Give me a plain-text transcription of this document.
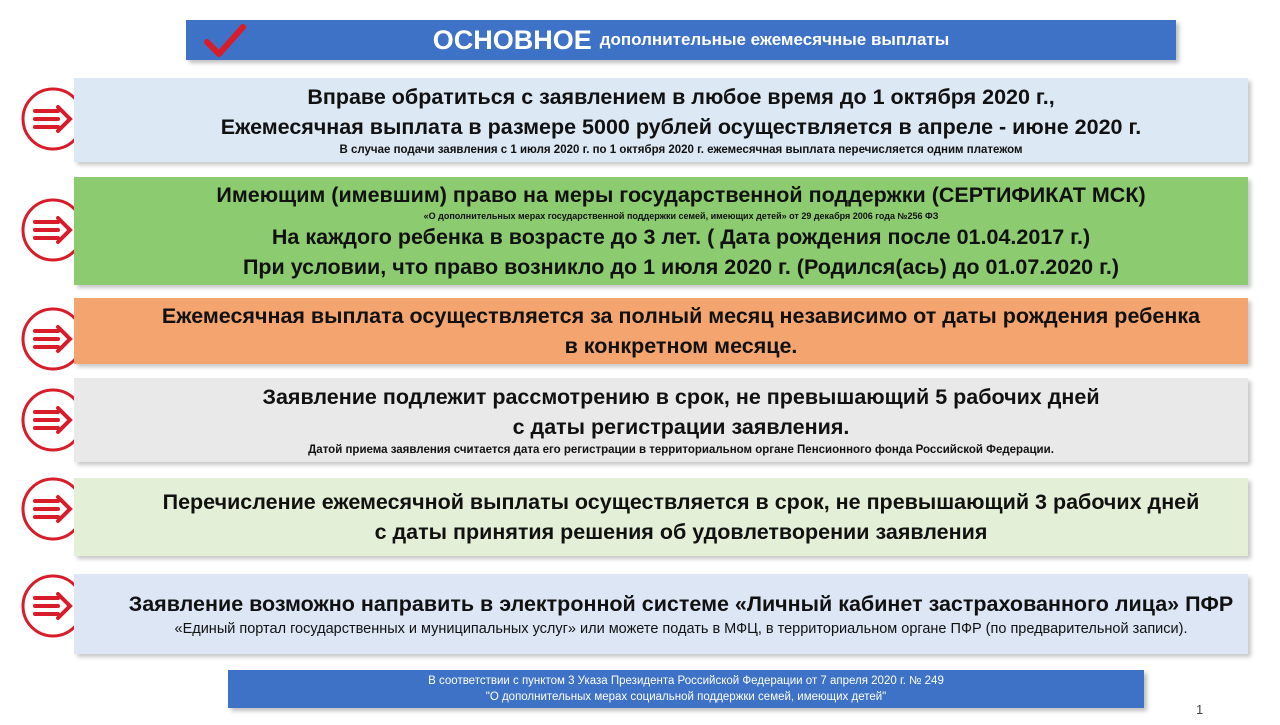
ОСНОВНОЕ дополнительные ежемесячные выплаты
Вправе обратиться с заявлением в любое время до 1 октября 2020 г.,
Ежемесячная выплата в размере 5000 рублей осуществляется в апреле - июне 2020 г.
В случае подачи заявления с 1 июля 2020 г. по 1 октября 2020 г. ежемесячная выплата перечисляется одним платежом
Имеющим (имевшим) право на меры государственной поддержки (СЕРТИФИКАТ МСК)
«О дополнительных мерах государственной поддержки семей, имеющих детей» от 29 декабря 2006 года №256 ФЗ
На каждого ребенка в возрасте до 3 лет. ( Дата рождения после 01.04.2017 г.)
При условии, что право возникло до 1 июля 2020 г. (Родился(ась) до 01.07.2020 г.)
Ежемесячная выплата осуществляется за полный месяц независимо от даты рождения ребенка
в конкретном месяце.
Заявление подлежит рассмотрению в срок, не превышающий 5 рабочих дней
с даты регистрации заявления.
Датой приема заявления считается дата его регистрации в территориальном органе Пенсионного фонда Российской Федерации.
Перечисление ежемесячной выплаты осуществляется в срок, не превышающий 3 рабочих дней
с даты принятия решения об удовлетворении заявления
Заявление возможно направить в электронной системе «Личный кабинет застрахованного лица» ПФР
«Единый портал государственных и муниципальных услуг» или можете подать в МФЦ, в территориальном органе ПФР (по предварительной записи).
В соответствии с пунктом 3 Указа Президента Российской Федерации от 7 апреля 2020 г. № 249
"О дополнительных мерах социальной поддержки семей, имеющих детей"
1
